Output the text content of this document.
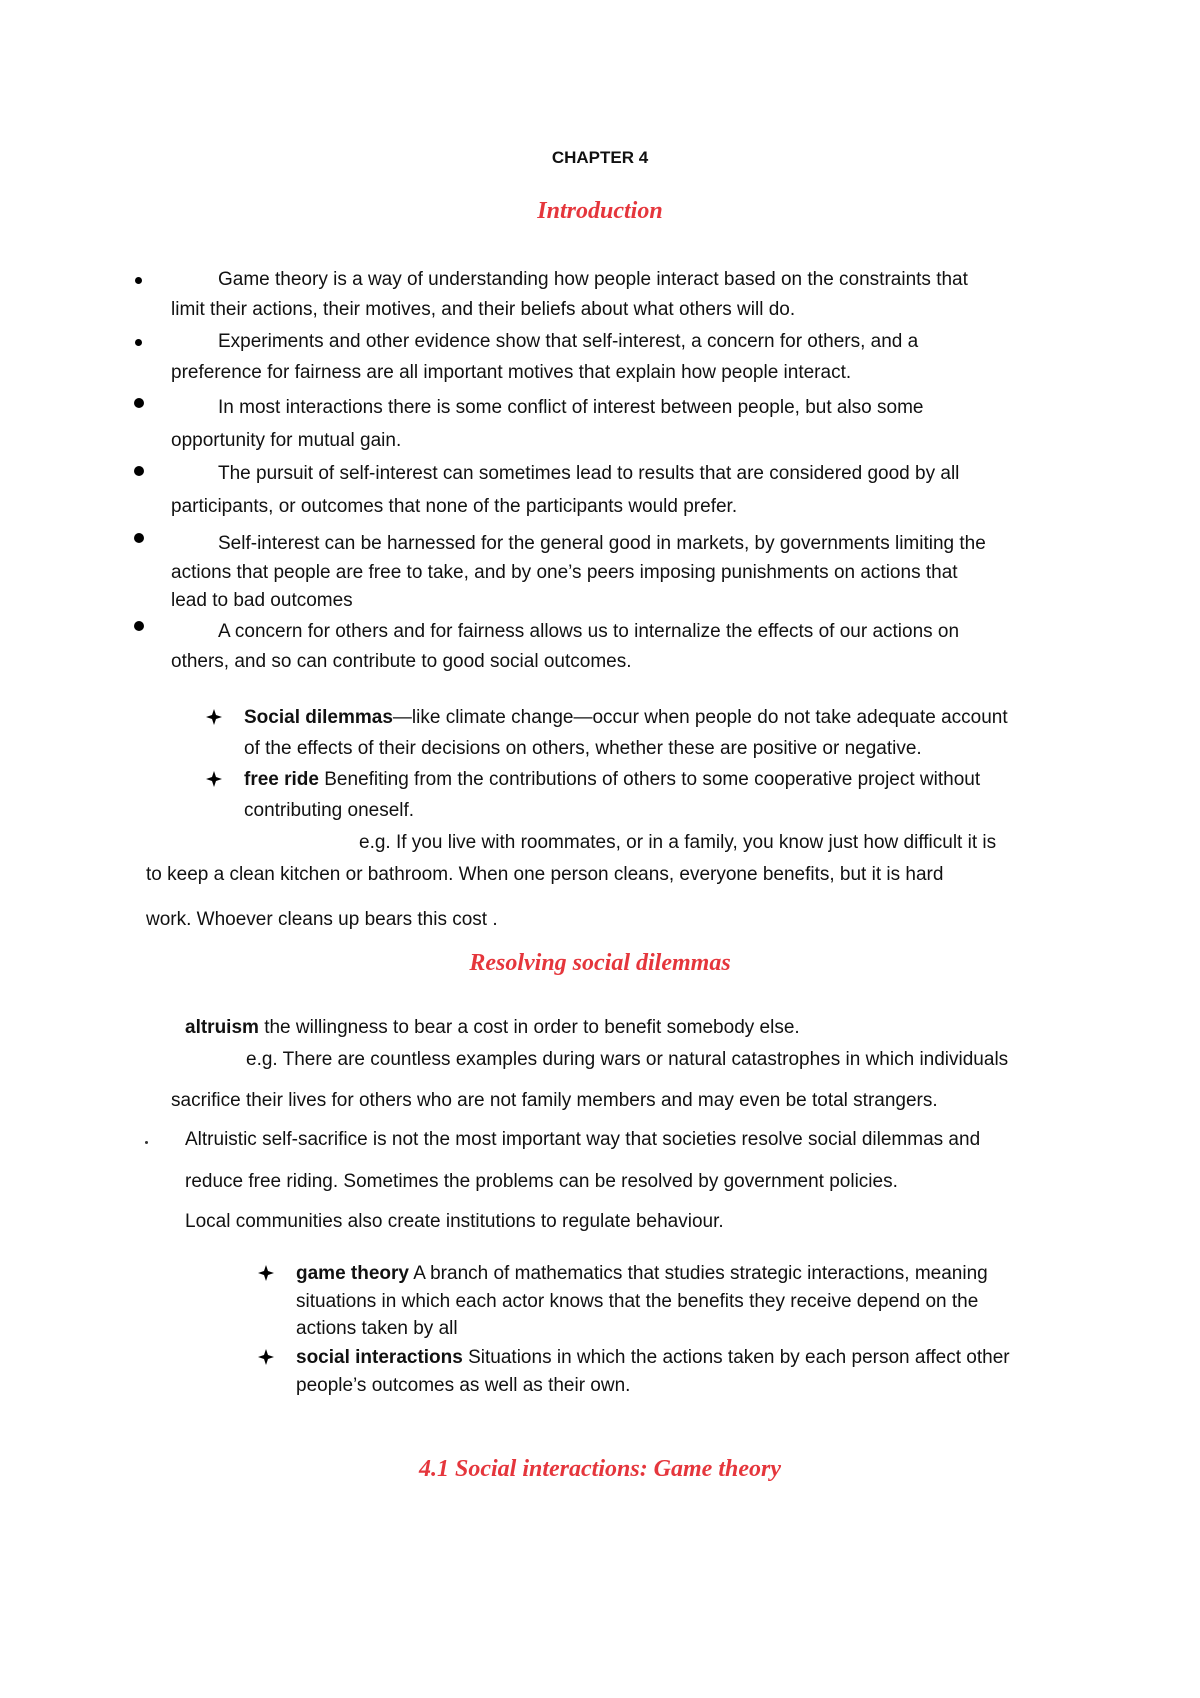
CHAPTER 4
Introduction
Game theory is a way of understanding how people interact based on the constraints that
limit their actions, their motives, and their beliefs about what others will do.
Experiments and other evidence show that self-interest, a concern for others, and a
preference for fairness are all important motives that explain how people interact.
In most interactions there is some conflict of interest between people, but also some
opportunity for mutual gain.
The pursuit of self-interest can sometimes lead to results that are considered good by all
participants, or outcomes that none of the participants would prefer.
Self-interest can be harnessed for the general good in markets, by governments limiting the
actions that people are free to take, and by one’s peers imposing punishments on actions that
lead to bad outcomes
A concern for others and for fairness allows us to internalize the effects of our actions on
others, and so can contribute to good social outcomes.
Social dilemmas—like climate change—occur when people do not take adequate account
of the effects of their decisions on others, whether these are positive or negative.
free ride Benefiting from the contributions of others to some cooperative project without
contributing oneself.
e.g. If you live with roommates, or in a family, you know just how difficult it is
to keep a clean kitchen or bathroom. When one person cleans, everyone benefits, but it is hard
work. Whoever cleans up bears this cost .
Resolving social dilemmas
altruism the willingness to bear a cost in order to benefit somebody else.
e.g. There are countless examples during wars or natural catastrophes in which individuals
sacrifice their lives for others who are not family members and may even be total strangers.
Altruistic self-sacrifice is not the most important way that societies resolve social dilemmas and
reduce free riding. Sometimes the problems can be resolved by government policies.
Local communities also create institutions to regulate behaviour.
game theory A branch of mathematics that studies strategic interactions, meaning
situations in which each actor knows that the benefits they receive depend on the
actions taken by all
social interactions Situations in which the actions taken by each person affect other
people’s outcomes as well as their own.
4.1 Social interactions: Game theory
